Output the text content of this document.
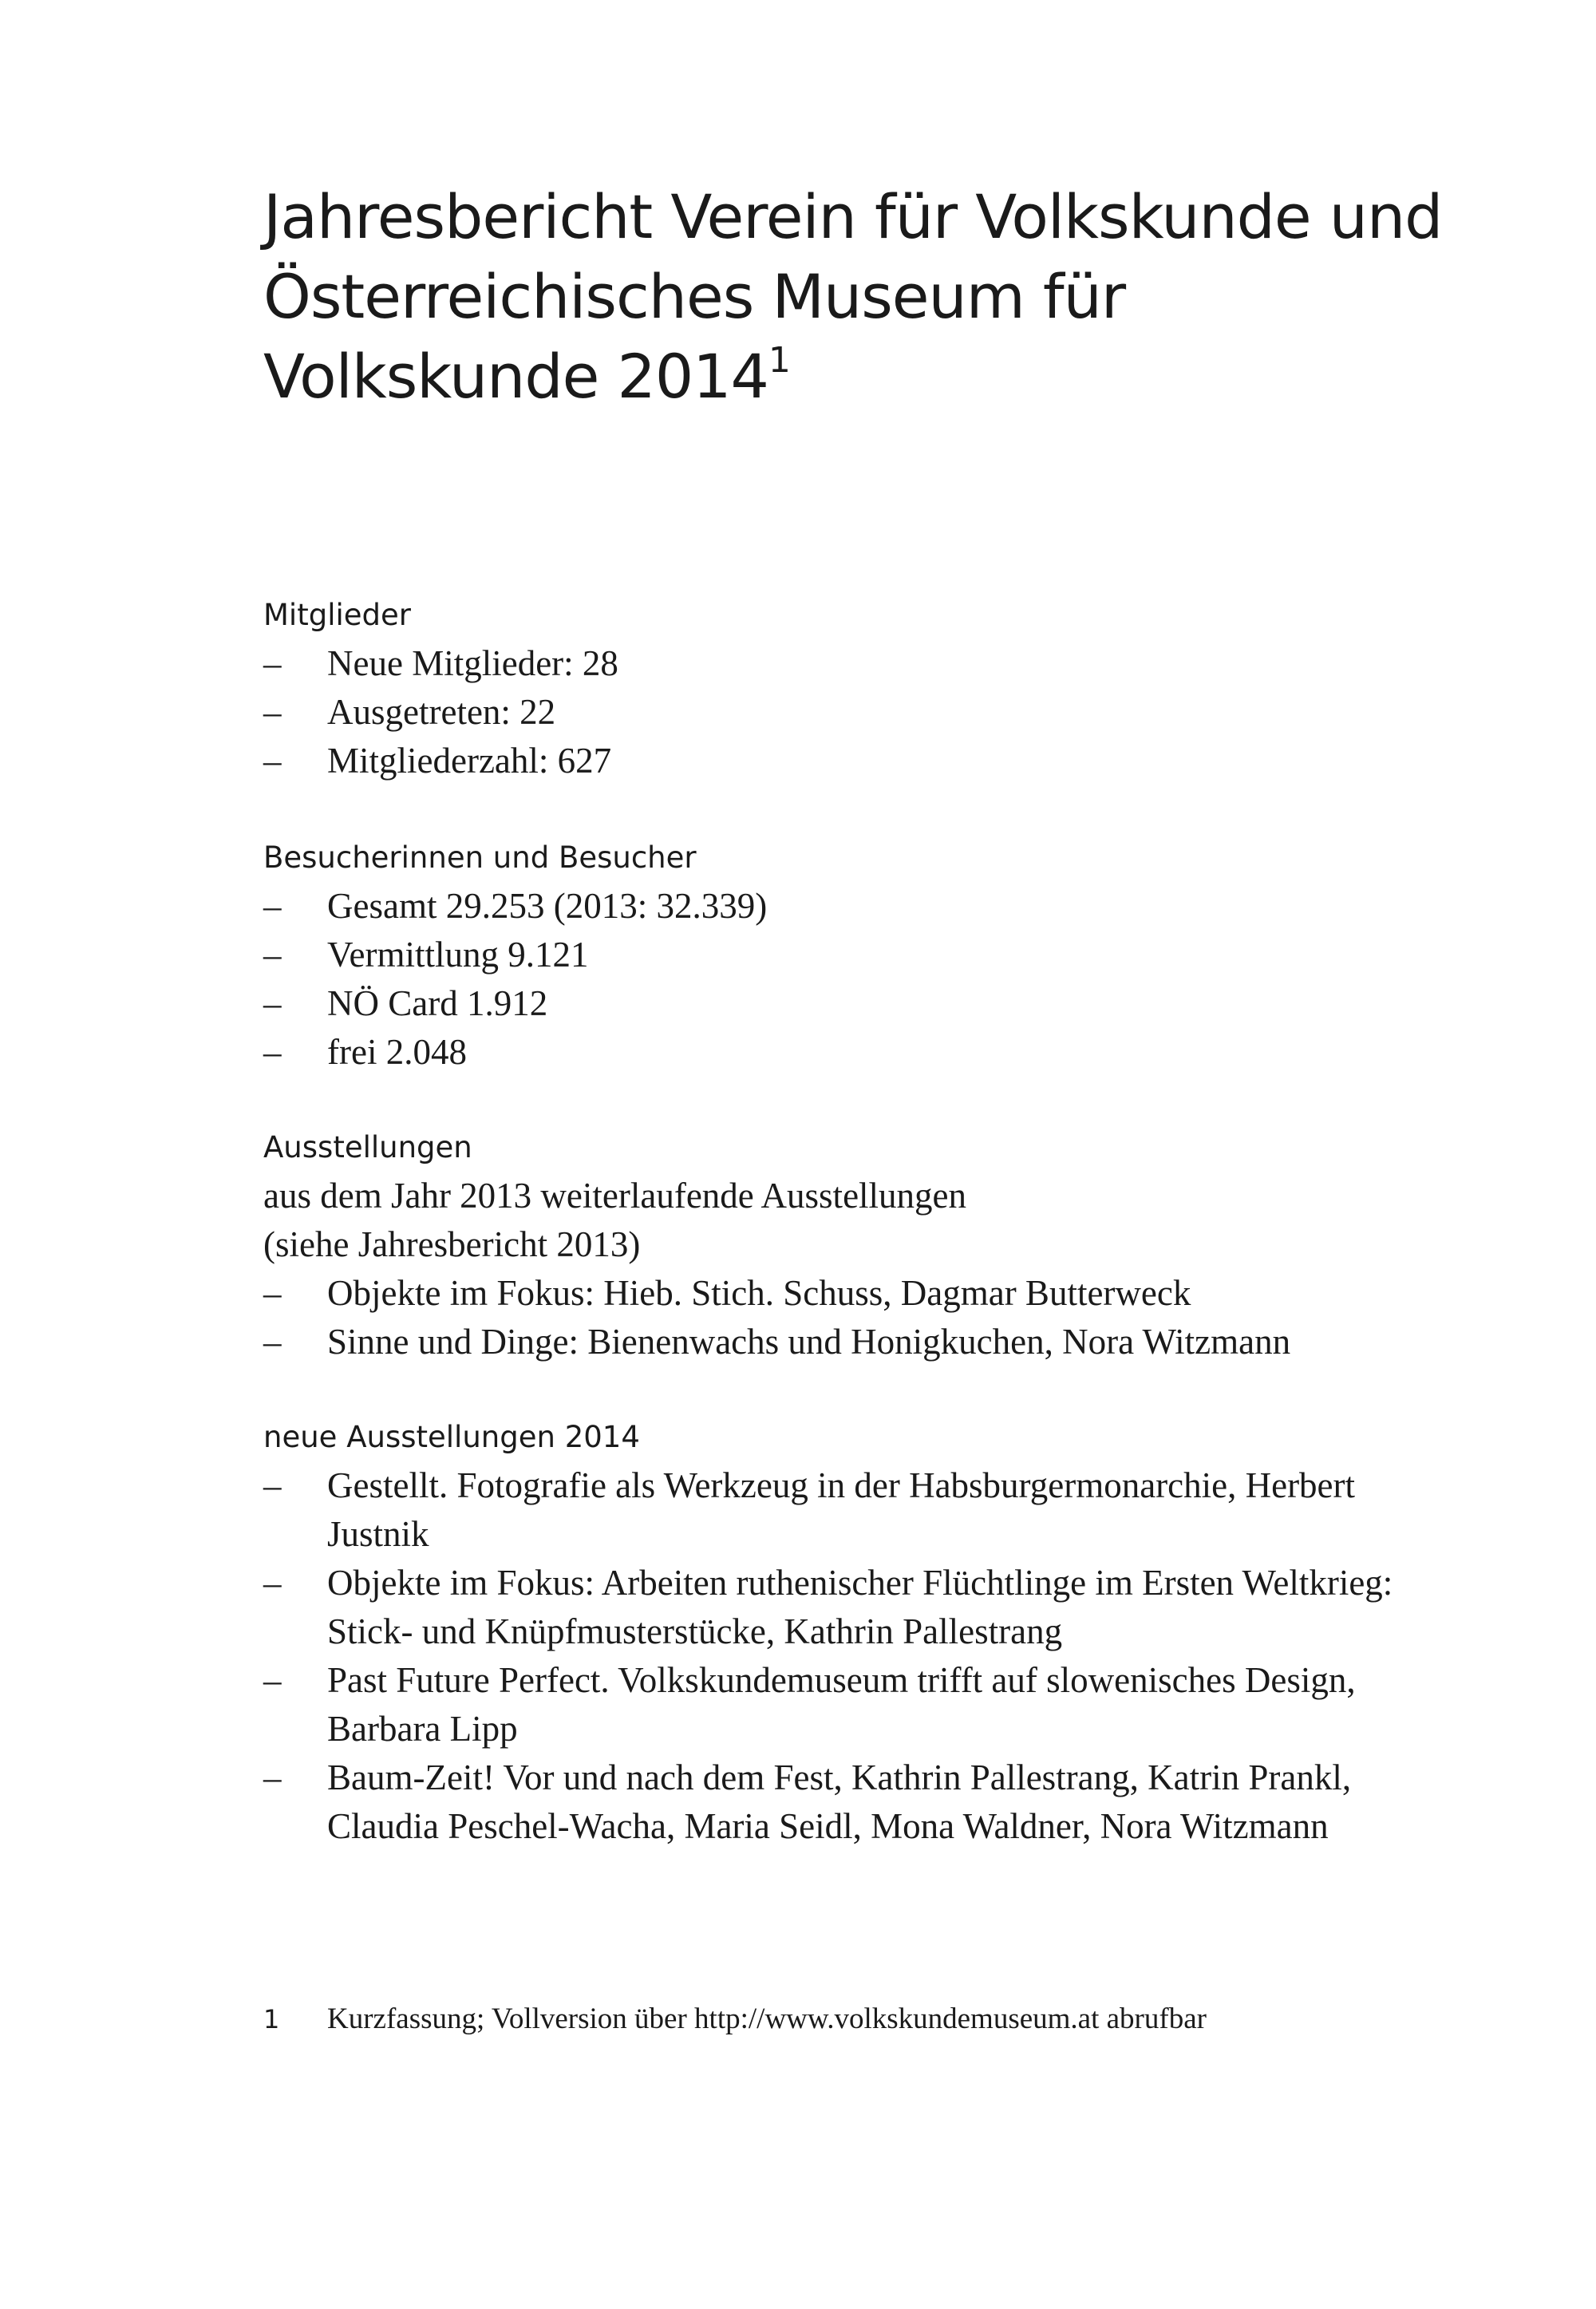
Jahresbericht Verein für Volkskunde und Österreichisches Museum für Volkskunde 2014$^1$
Mitglieder
– Neue Mitglieder: 28
– Ausgetreten: 22
– Mitgliederzahl: 627
Besucherinnen und Besucher
– Gesamt 29.253 (2013: 32.339)
– Vermittlung 9.121
– NÖ Card 1.912
– frei 2.048
Ausstellungen
aus dem Jahr 2013 weiterlaufende Ausstellungen
(siehe Jahresbericht 2013)
– Objekte im Fokus: Hieb. Stich. Schuss, Dagmar Butterweck
– Sinne und Dinge: Bienenwachs und Honigkuchen, Nora Witzmann
neue Ausstellungen 2014
– Gestellt. Fotografie als Werkzeug in der Habsburgermonarchie, Herbert Justnik
– Objekte im Fokus: Arbeiten ruthenischer Flüchtlinge im Ersten Weltkrieg: Stick- und Knüpfmusterstücke, Kathrin Pallestrang
– Past Future Perfect. Volkskundemuseum trifft auf slowenisches Design, Barbara Lipp
– Baum-Zeit! Vor und nach dem Fest, Kathrin Pallestrang, Katrin Prankl, Claudia Peschel-Wacha, Maria Seidl, Mona Waldner, Nora Witzmann
1 Kurzfassung; Vollversion über http://www.volkskundemuseum.at abrufbar
